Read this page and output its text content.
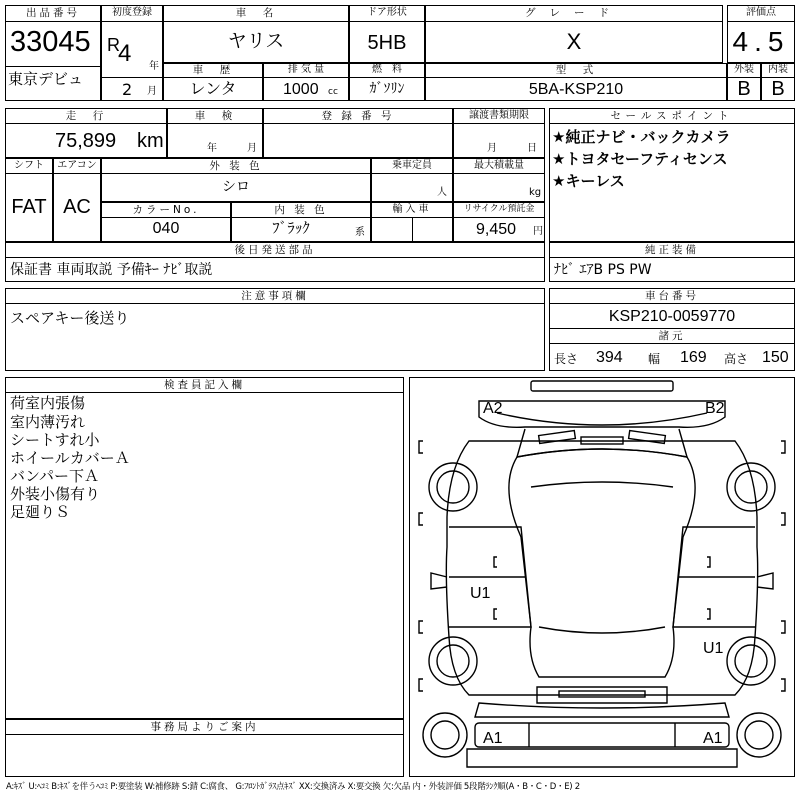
出品番号
33045
東京デビュ
初度登録
R
4 年
2 月
車　名
ヤリス
ドア形状
5HB
グレード
X
評価点
4.5
車　歴
レンタ
排 気 量
1000 cc
燃　料
ｶﾞｿﾘﾝ
型　式
5BA-KSP210
外装
B
内装
B
走　行
75,899 km
車　検
年	月
登 録 番 号	譲渡書類期限
月	日
セールスポイント
★純正ナビ・バックカメラ
★トヨタセーフティセンス
★キーレス
シフト
FAT
エアコン
AC
外 装 色
シロ
乗車定員
人
最大積載量
kg
カラーNo.
040
内 装 色
ﾌﾞﾗｯｸ	系
輸入車	リサイクル預託金
9,450 円
後日発送部品
保証書 車両取説 予備ｷｰ ﾅﾋﾞ取説
純正装備
ﾅﾋﾞ ｴｱB PS PW
注意事項欄
スペアキー後送り
車台番号
KSP210-0059770
諸元
長さ 394 幅 169 高さ 150
検査員記入欄
荷室内張傷
室内薄汚れ
シートすれ小
ホイールカバーＡ
バンパー下Ａ
外装小傷有り
足廻りＳ
事務局よりご案内
A2	B2
U1
U1
A1	A1
A:ｷｽﾞ U:ﾍｺﾐ B:ｷｽﾞを伴うﾍｺﾐ P:要塗装 W:補修跡 S:錆 C:腐食、 G:ﾌﾛﾝﾄｶﾞﾗｽ点ｷｽﾞ XX:交換済み X:要交換 欠:欠品 内・外装評価 5段階ﾗﾝｸ順(A・B・C・D・E) 2
